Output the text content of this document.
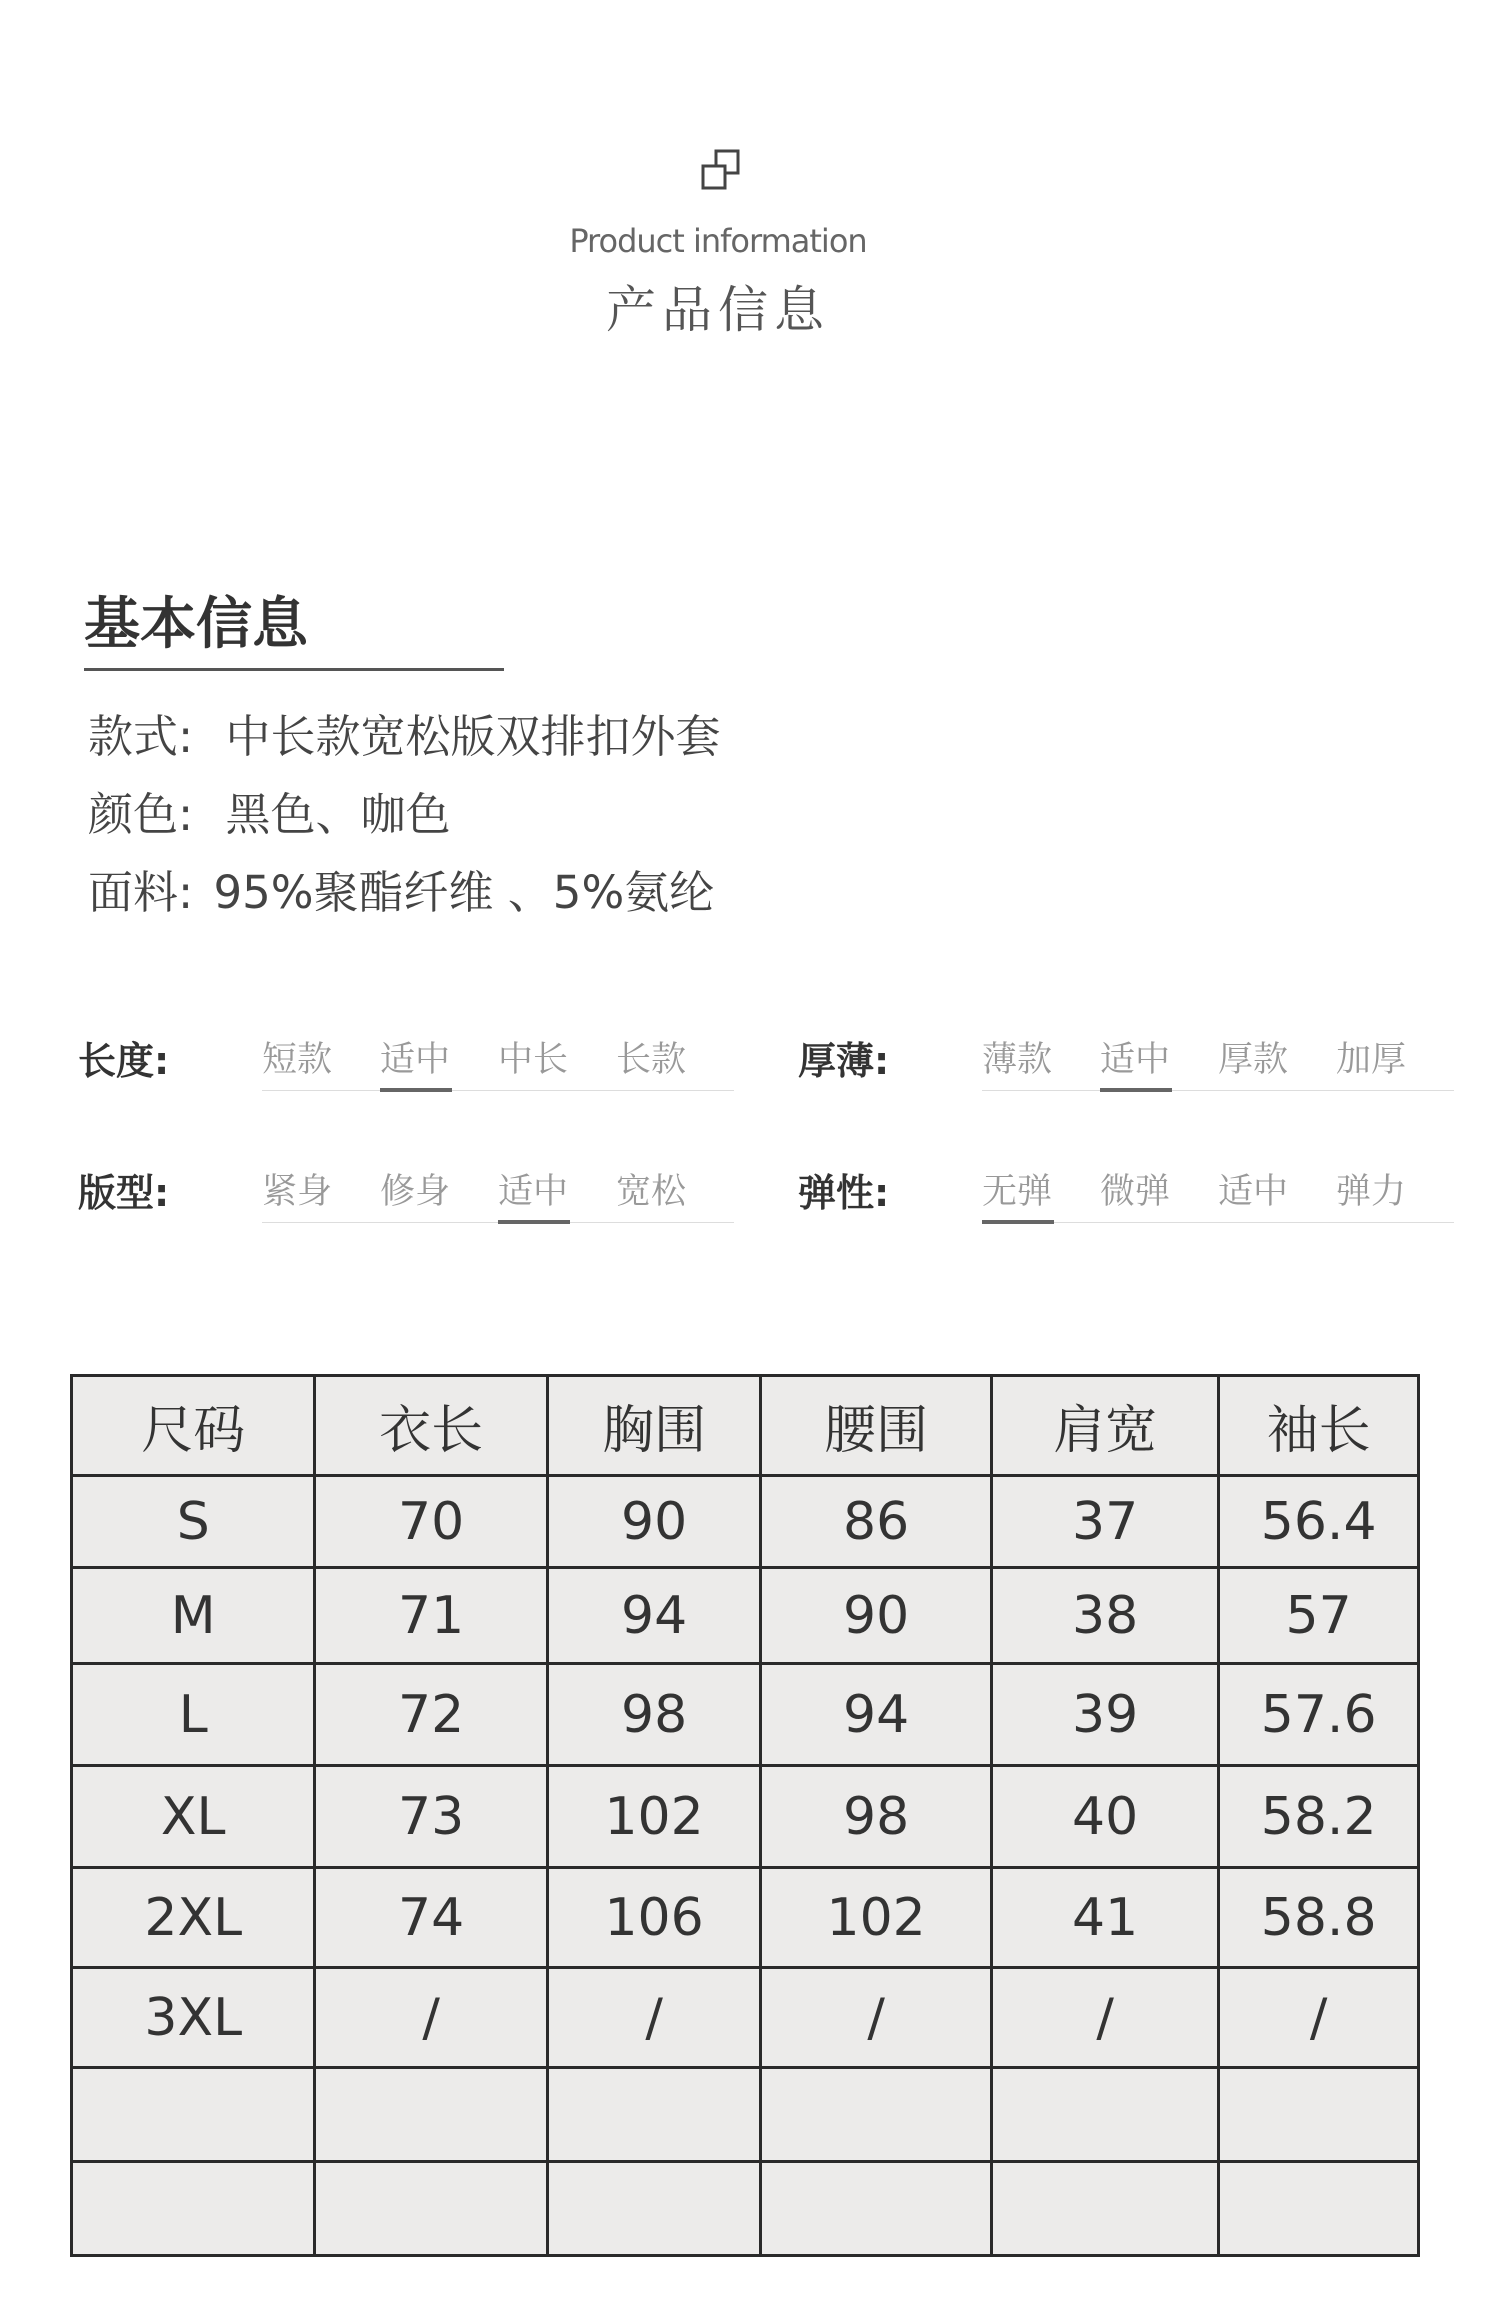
Product information
产品信息
基本信息
款式: 中长款宽松版双排扣外套
颜色: 黑色、咖色
面料: 95%聚酯纤维 、5%氨纶
长度:	短款	适中	中长	长款	厚薄:	薄款	适中	厚款	加厚
版型:	紧身	修身	适中	宽松	弹性:	无弹	微弹	适中	弹力
尺码	衣长	胸围	腰围	肩宽	袖长
S	70	90	86	37	56.4
M	71	94	90	38	57
L	72	98	94	39	57.6
XL	73	102	98	40	58.2
2XL	74	106	102	41	58.8
3XL	/	/	/	/	/
